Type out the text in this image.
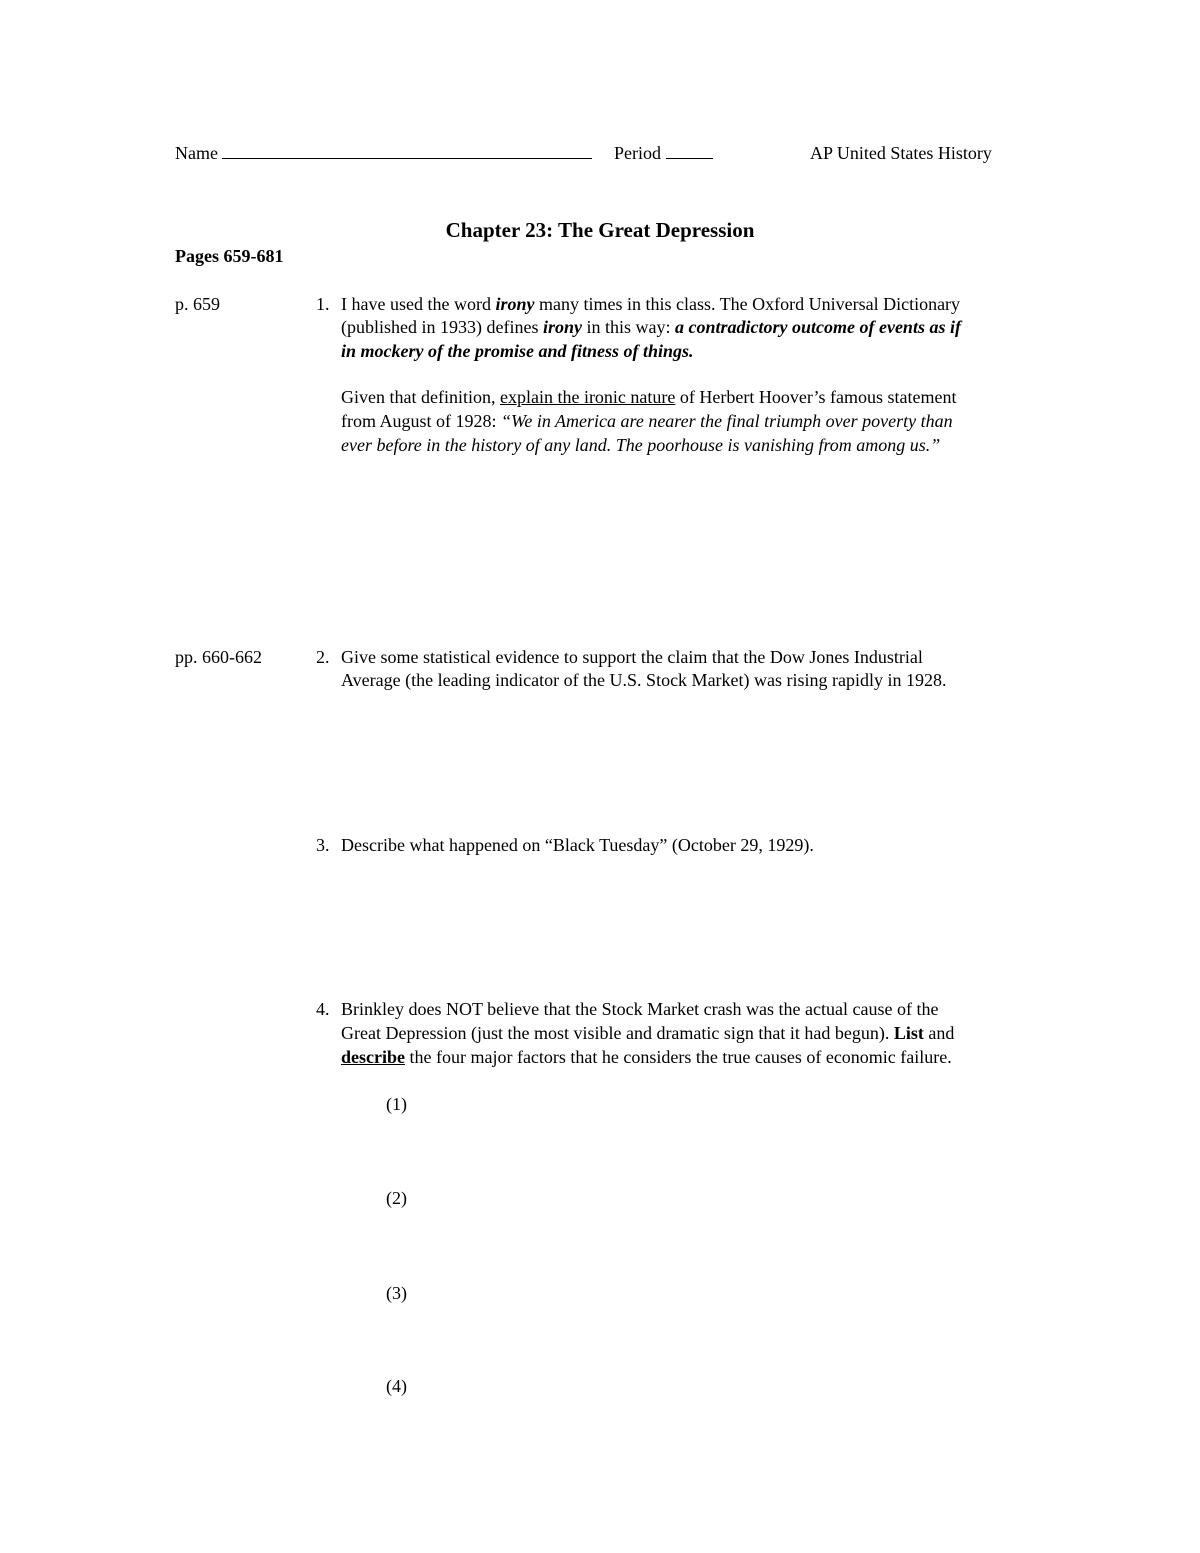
Name	Period	AP United States History
Chapter 23: The Great Depression
Pages 659-681
p. 659	1. I have used the word irony many times in this class. The Oxford Universal Dictionary
(published in 1933) defines irony in this way: a contradictory outcome of events as if
in mockery of the promise and fitness of things.
Given that definition, explain the ironic nature of Herbert Hoover’s famous statement
from August of 1928: “We in America are nearer the final triumph over poverty than
ever before in the history of any land. The poorhouse is vanishing from among us.”
pp. 660-662	2. Give some statistical evidence to support the claim that the Dow Jones Industrial
Average (the leading indicator of the U.S. Stock Market) was rising rapidly in 1928.
3. Describe what happened on “Black Tuesday” (October 29, 1929).
4. Brinkley does NOT believe that the Stock Market crash was the actual cause of the
Great Depression (just the most visible and dramatic sign that it had begun). List and
describe the four major factors that he considers the true causes of economic failure.
(1)
(2)
(3)
(4)
